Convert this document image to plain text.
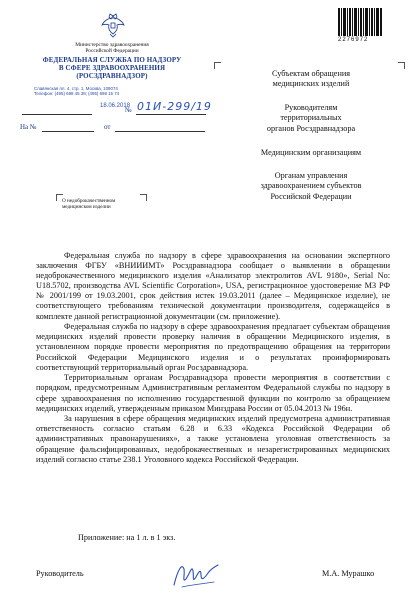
2276972
Министерство здравоохранения
Российской Федерации
ФЕДЕРАЛЬНАЯ СЛУЖБА ПО НАДЗОРУ
В СФЕРЕ ЗДРАВООХРАНЕНИЯ
(РОСЗДРАВНАДЗОР)
Славянская пл. 4, стр. 1, Москва, 109074
Телефон: (495) 698 45 38; (495) 698 15 74
18.06.2018
№ 01И-299/19
На №	от
О недоброкачественном
медицинском изделии
Субъектам обращения
медицинских изделий
Руководителям
территориальных
органов Росздравнадзора
Медицинским организациям
Органам управления
здравоохранением субъектов
Российской Федерации

Федеральная служба по надзору в сфере здравоохранения на основании экспертного заключения ФГБУ «ВНИИИМТ» Росздравнадзора сообщает о выявлении в обращении недоброкачественного медицинского изделия «Анализатор электролитов AVL 9180», Serial No: U18.5702, производства AVL Scientific Corporation», USA, регистрационное удостоверение МЗ РФ № 2001/199 от 19.03.2001, срок действия истек 19.03.2011 (далее – Медицинское изделие), не соответствующего требованиям технической документации производителя, содержащейся в комплекте данной регистрационной документации (см. приложение).

Федеральная служба по надзору в сфере здравоохранения предлагает субъектам обращения медицинских изделий провести проверку наличия в обращении Медицинского изделия, в установленном порядке провести мероприятия по предотвращению обращения на территории Российской Федерации Медицинского изделия и о результатах проинформировать соответствующий территориальный орган Росздравнадзора.

Территориальным органам Росздравнадзора провести мероприятия в соответствии с порядком, предусмотренным Административным регламентом Федеральной службы по надзору в сфере здравоохранения по исполнению государственной функции по контролю за обращением медицинских изделий, утвержденным приказом Минздрава России от 05.04.2013 № 196н.

За нарушения в сфере обращения медицинских изделий предусмотрена административная ответственность согласно статьям 6.28 и 6.33 «Кодекса Российской Федерации об административных правонарушениях», а также установлена уголовная ответственность за обращение фальсифицированных, недоброкачественных и незарегистрированных медицинских изделий согласно статье 238.1 Уголовного кодекса Российской Федерации.

Приложение: на 1 л. в 1 экз.
Руководитель	М.А. Мурашко
